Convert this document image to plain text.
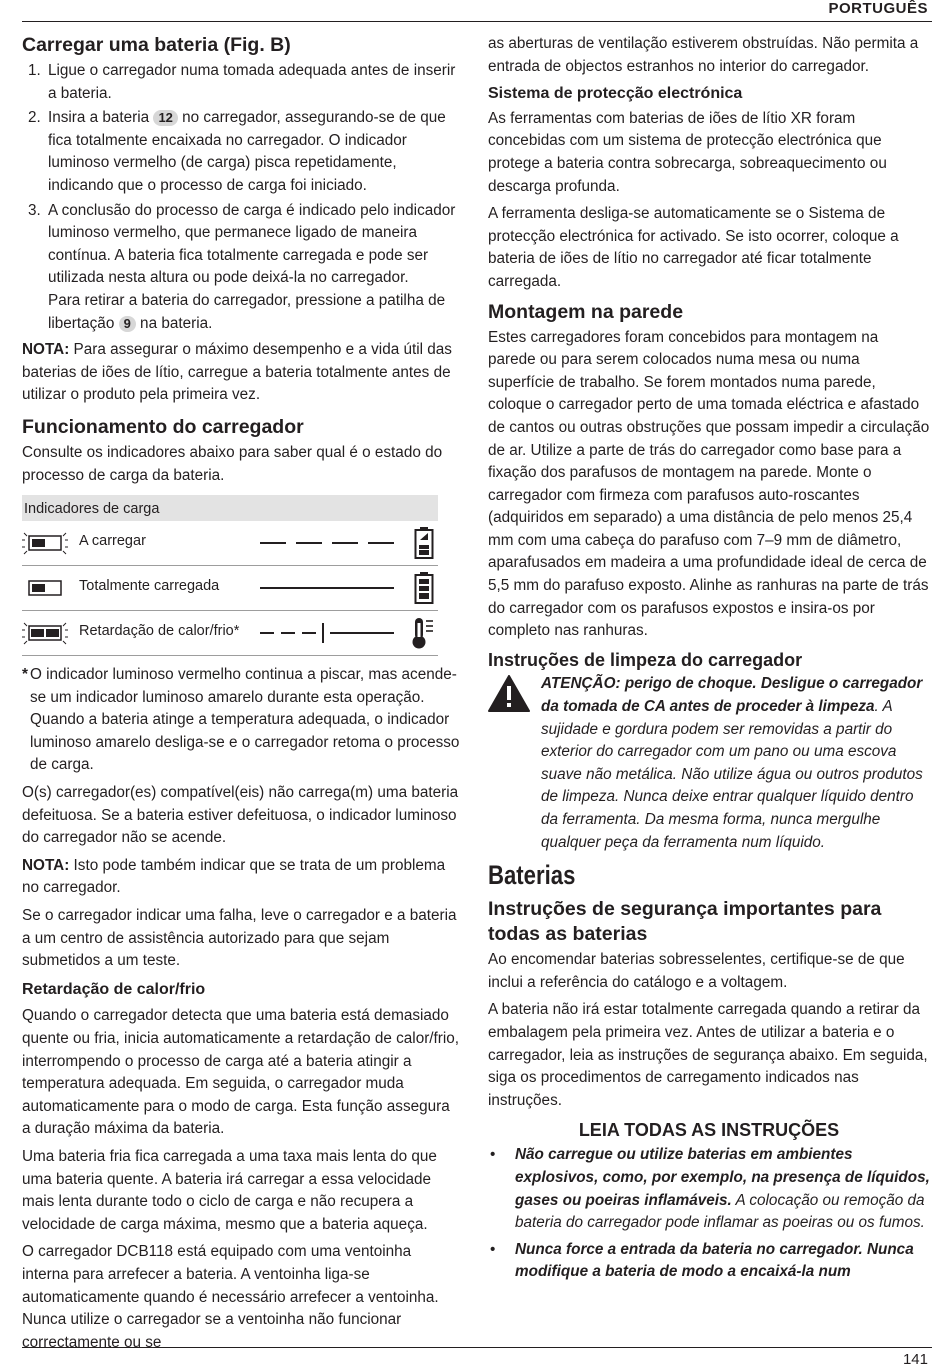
PORTUGUÊS
Carregar uma bateria (Fig. B)
1. Ligue o carregador numa tomada adequada antes de inserir a bateria.
2. Insira a bateria 12 no carregador, assegurando-se de que fica totalmente encaixada no carregador. O indicador luminoso vermelho (de carga) pisca repetidamente, indicando que o processo de carga foi iniciado.
3. A conclusão do processo de carga é indicado pelo indicador luminoso vermelho, que permanece ligado de maneira contínua. A bateria fica totalmente carregada e pode ser utilizada nesta altura ou pode deixá-la no carregador.
Para retirar a bateria do carregador, pressione a patilha de libertação 9 na bateria.

NOTA: Para assegurar o máximo desempenho e a vida útil das baterias de iões de lítio, carregue a bateria totalmente antes de utilizar o produto pela primeira vez.

Funcionamento do carregador

Consulte os indicadores abaixo para saber qual é o estado do processo de carga da bateria.

Indicadores de carga
A carregar
Totalmente carregada
Retardação de calor/frio*

* O indicador luminoso vermelho continua a piscar, mas acende-se um indicador luminoso amarelo durante esta operação. Quando a bateria atinge a temperatura adequada, o indicador luminoso amarelo desliga-se e o carregador retoma o processo de carga.

O(s) carregador(es) compatível(eis) não carrega(m) uma bateria defeituosa. Se a bateria estiver defeituosa, o indicador luminoso do carregador não se acende.

NOTA: Isto pode também indicar que se trata de um problema no carregador.

Se o carregador indicar uma falha, leve o carregador e a bateria a um centro de assistência autorizado para que sejam submetidos a um teste.

Retardação de calor/frio

Quando o carregador detecta que uma bateria está demasiado quente ou fria, inicia automaticamente a retardação de calor/frio, interrompendo o processo de carga até a bateria atingir a temperatura adequada. Em seguida, o carregador muda automaticamente para o modo de carga. Esta função assegura a duração máxima da bateria.

Uma bateria fria fica carregada a uma taxa mais lenta do que uma bateria quente. A bateria irá carregar a essa velocidade mais lenta durante todo o ciclo de carga e não recupera a velocidade de carga máxima, mesmo que a bateria aqueça.

O carregador DCB118 está equipado com uma ventoinha interna para arrefecer a bateria. A ventoinha liga-se automaticamente quando é necessário arrefecer a ventoinha. Nunca utilize o carregador se a ventoinha não funcionar correctamente ou se

as aberturas de ventilação estiverem obstruídas. Não permita a entrada de objectos estranhos no interior do carregador.

Sistema de protecção electrónica

As ferramentas com baterias de iões de lítio XR foram concebidas com um sistema de protecção electrónica que protege a bateria contra sobrecarga, sobreaquecimento ou descarga profunda.

A ferramenta desliga-se automaticamente se o Sistema de protecção electrónica for activado. Se isto ocorrer, coloque a bateria de iões de lítio no carregador até ficar totalmente carregada.

Montagem na parede

Estes carregadores foram concebidos para montagem na parede ou para serem colocados numa mesa ou numa superfície de trabalho. Se forem montados numa parede, coloque o carregador perto de uma tomada eléctrica e afastado de cantos ou outras obstruções que possam impedir a circulação de ar. Utilize a parte de trás do carregador como base para a fixação dos parafusos de montagem na parede. Monte o carregador com firmeza com parafusos auto-roscantes (adquiridos em separado) a uma distância de pelo menos 25,4 mm com uma cabeça do parafuso com 7–9 mm de diâmetro, aparafusados em madeira a uma profundidade ideal de cerca de 5,5 mm do parafuso exposto. Alinhe as ranhuras na parte de trás do carregador com os parafusos expostos e insira-os por completo nas ranhuras.

Instruções de limpeza do carregador

ATENÇÃO: perigo de choque. Desligue o carregador da tomada de CA antes de proceder à limpeza. A sujidade e gordura podem ser removidas a partir do exterior do carregador com um pano ou uma escova suave não metálica. Não utilize água ou outros produtos de limpeza. Nunca deixe entrar qualquer líquido dentro da ferramenta. Da mesma forma, nunca mergulhe qualquer peça da ferramenta num líquido.

Baterias
Instruções de segurança importantes para todas as baterias

Ao encomendar baterias sobresselentes, certifique-se de que inclui a referência do catálogo e a voltagem.

A bateria não irá estar totalmente carregada quando a retirar da embalagem pela primeira vez. Antes de utilizar a bateria e o carregador, leia as instruções de segurança abaixo. Em seguida, siga os procedimentos de carregamento indicados nas instruções.

LEIA TODAS AS INSTRUÇÕES
• Não carregue ou utilize baterias em ambientes explosivos, como, por exemplo, na presença de líquidos, gases ou poeiras inflamáveis. A colocação ou remoção da bateria do carregador pode inflamar as poeiras ou os fumos.
• Nunca force a entrada da bateria no carregador. Nunca modifique a bateria de modo a encaixá-la num
141
